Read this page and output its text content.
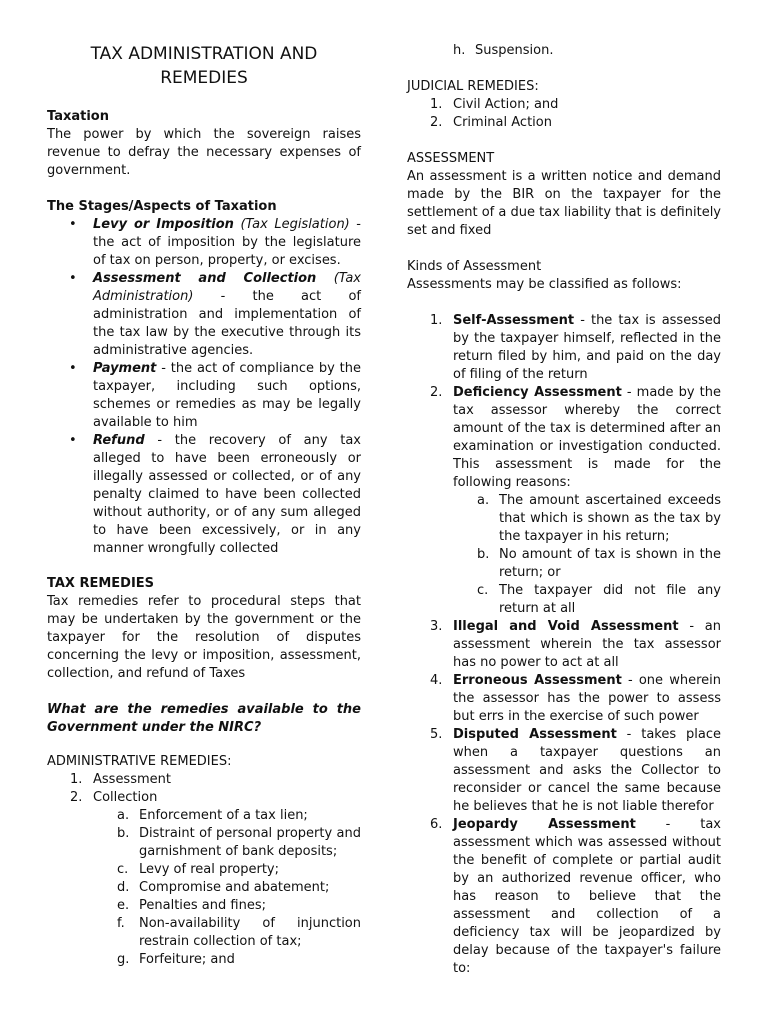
TAX ADMINISTRATION AND REMEDIES

Taxation

The power by which the sovereign raises revenue to defray the necessary expenses of government.

The Stages/Aspects of Taxation

• Levy or Imposition (Tax Legislation) - the act of imposition by the legislature of tax on person, property, or excises.
• Assessment and Collection (Tax Administration) - the act of administration and implementation of the tax law by the executive through its administrative agencies.
• Payment - the act of compliance by the taxpayer, including such options, schemes or remedies as may be legally available to him
• Refund - the recovery of any tax alleged to have been erroneously or illegally assessed or collected, or of any penalty claimed to have been collected without authority, or of any sum alleged to have been excessively, or in any manner wrongfully collected

TAX REMEDIES

Tax remedies refer to procedural steps that may be undertaken by the government or the taxpayer for the resolution of disputes concerning the levy or imposition, assessment, collection, and refund of Taxes

What are the remedies available to the Government under the NIRC?

ADMINISTRATIVE REMEDIES:

1. Assessment
2. Collection
a. Enforcement of a tax lien;
b. Distraint of personal property and garnishment of bank deposits;
c. Levy of real property;
d. Compromise and abatement;
e. Penalties and fines;
f. Non-availability of injunction restrain collection of tax;
g. Forfeiture; and
h. Suspension.

JUDICIAL REMEDIES:

1. Civil Action; and
2. Criminal Action

ASSESSMENT

An assessment is a written notice and demand made by the BIR on the taxpayer for the settlement of a due tax liability that is definitely set and fixed

Kinds of Assessment

Assessments may be classified as follows:

1. Self-Assessment - the tax is assessed by the taxpayer himself, reflected in the return filed by him, and paid on the day of filing of the return
2. Deficiency Assessment - made by the tax assessor whereby the correct amount of the tax is determined after an examination or investigation conducted. This assessment is made for the following reasons:
a. The amount ascertained exceeds that which is shown as the tax by the taxpayer in his return;
b. No amount of tax is shown in the return; or
c. The taxpayer did not file any return at all
3. Illegal and Void Assessment - an assessment wherein the tax assessor has no power to act at all
4. Erroneous Assessment - one wherein the assessor has the power to assess but errs in the exercise of such power
5. Disputed Assessment - takes place when a taxpayer questions an assessment and asks the Collector to reconsider or cancel the same because he believes that he is not liable therefor
6. Jeopardy Assessment - tax assessment which was assessed without the benefit of complete or partial audit by an authorized revenue officer, who has reason to believe that the assessment and collection of a deficiency tax will be jeopardized by delay because of the taxpayer's failure to:
